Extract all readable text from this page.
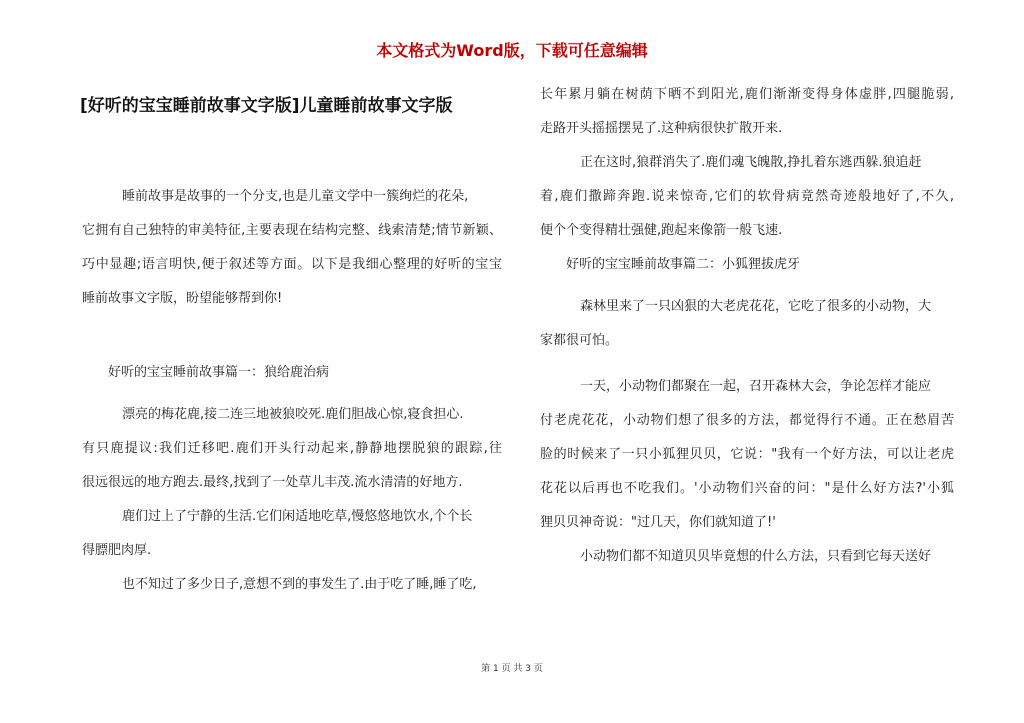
本文格式为Word版，下载可任意编辑
[好听的宝宝睡前故事文字版]儿童睡前故事文字版
睡前故事是故事的一个分支,也是儿童文学中一簇绚烂的花朵,
它拥有自己独特的审美特征,主要表现在结构完整、线索清楚;情节新颖、
巧中显趣;语言明快,便于叙述等方面。以下是我细心整理的好听的宝宝
睡前故事文字版，盼望能够帮到你!
好听的宝宝睡前故事篇一：狼给鹿治病
漂亮的梅花鹿,接二连三地被狼咬死.鹿们胆战心惊,寝食担心.
有只鹿提议:我们迁移吧.鹿们开头行动起来,静静地摆脱狼的跟踪,往
很远很远的地方跑去.最终,找到了一处草儿丰茂.流水清清的好地方.
鹿们过上了宁静的生活.它们闲适地吃草,慢悠悠地饮水,个个长
得膘肥肉厚.
也不知过了多少日子,意想不到的事发生了.由于吃了睡,睡了吃,
长年累月躺在树荫下晒不到阳光,鹿们渐渐变得身体虚胖,四腿脆弱,
走路开头摇摇摆晃了.这种病很快扩散开来.
正在这时,狼群消失了.鹿们魂飞魄散,挣扎着东逃西躲.狼追赶
着,鹿们撒蹄奔跑.说来惊奇,它们的软骨病竟然奇迹般地好了,不久,
便个个变得精壮强健,跑起来像箭一般飞速.
好听的宝宝睡前故事篇二：小狐狸拔虎牙
森林里来了一只凶狠的大老虎花花，它吃了很多的小动物，大
家都很可怕。
一天，小动物们都聚在一起，召开森林大会，争论怎样才能应
付老虎花花，小动物们想了很多的方法，都觉得行不通。正在愁眉苦
脸的时候来了一只小狐狸贝贝，它说："我有一个好方法，可以让老虎
花花以后再也不吃我们。'小动物们兴奋的问："是什么好方法?'小狐
狸贝贝神奇说："过几天，你们就知道了!'
小动物们都不知道贝贝毕竟想的什么方法，只看到它每天送好
第 1 页 共 3 页
